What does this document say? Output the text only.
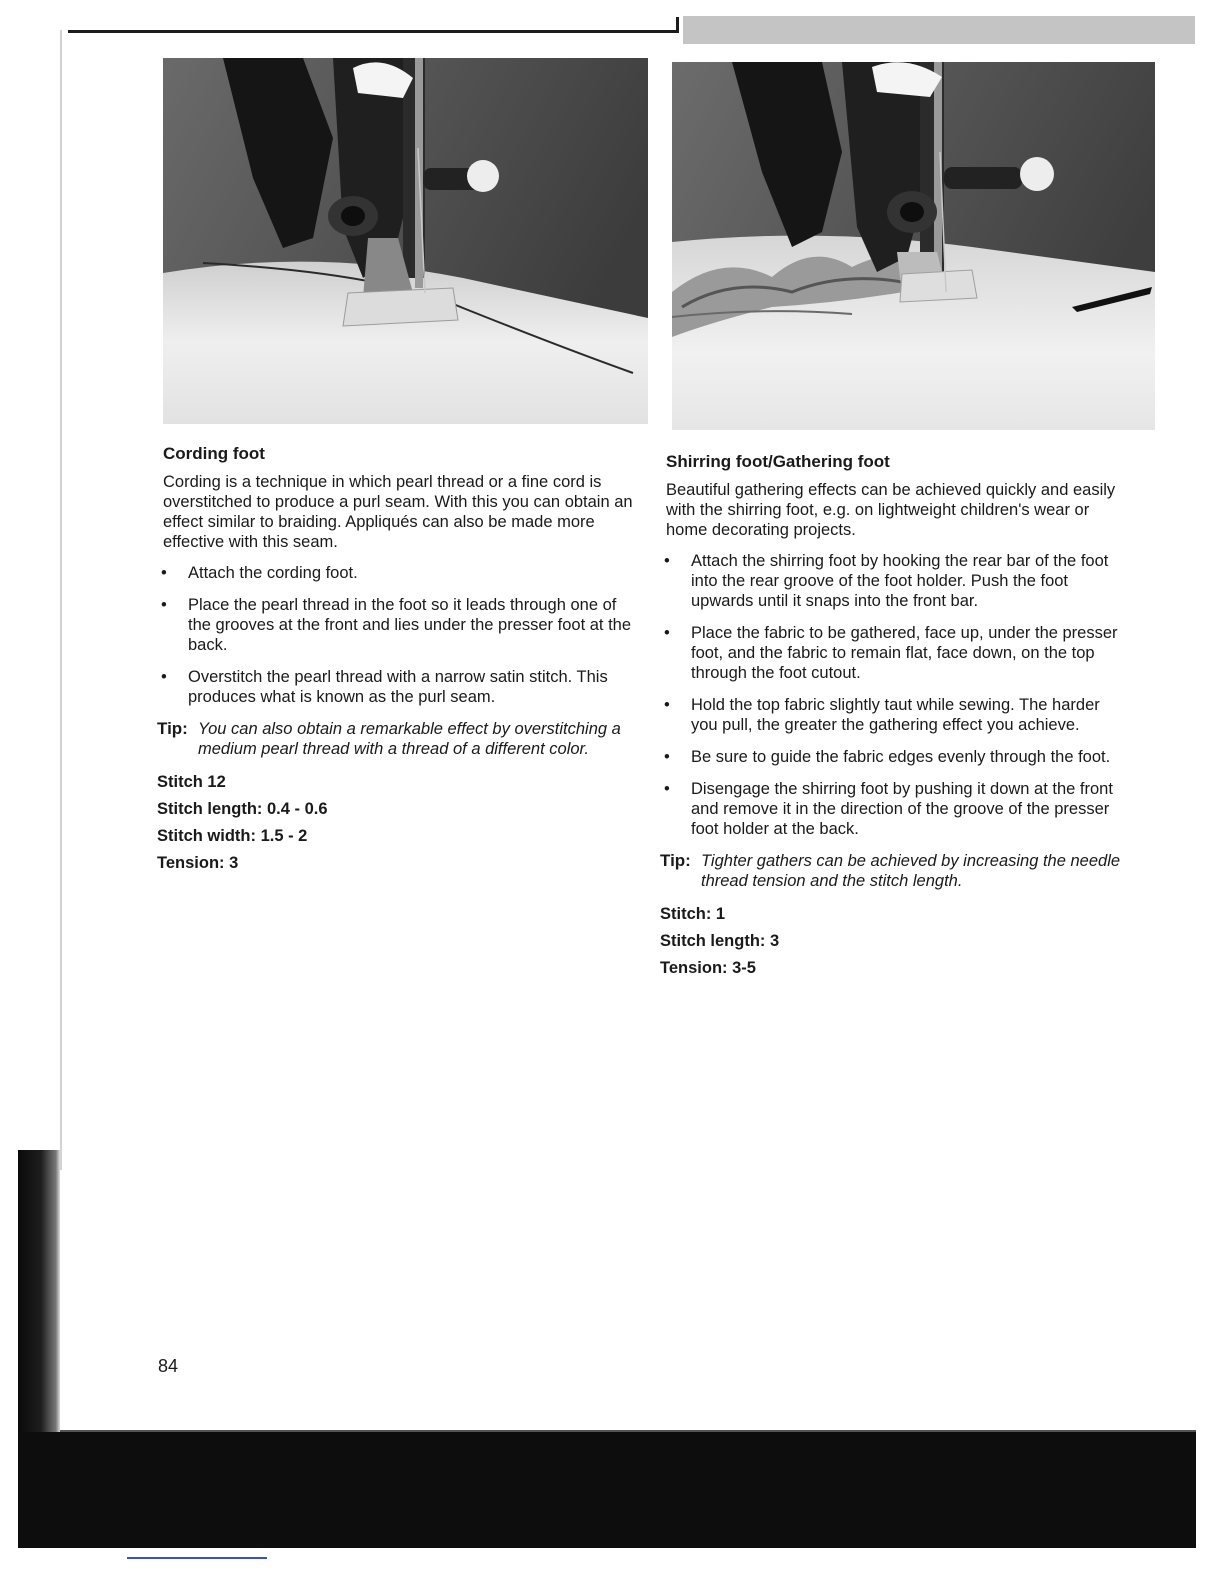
Cording foot
Cording is a technique in which pearl thread or a fine cord is overstitched to produce a purl seam. With this you can obtain an effect similar to braiding. Appliqués can also be made more effective with this seam.
• Attach the cording foot.
• Place the pearl thread in the foot so it leads through one of the grooves at the front and lies under the presser foot at the back.
• Overstitch the pearl thread with a narrow satin stitch. This produces what is known as the purl seam.
Tip: You can also obtain a remarkable effect by overstitching a medium pearl thread with a thread of a different color.
Stitch 12
Stitch length: 0.4 - 0.6
Stitch width: 1.5 - 2
Tension: 3
Shirring foot/Gathering foot
Beautiful gathering effects can be achieved quickly and easily with the shirring foot, e.g. on lightweight children's wear or home decorating projects.
• Attach the shirring foot by hooking the rear bar of the foot into the rear groove of the foot holder. Push the foot upwards until it snaps into the front bar.
• Place the fabric to be gathered, face up, under the presser foot, and the fabric to remain flat, face down, on the top through the foot cutout.
• Hold the top fabric slightly taut while sewing. The harder you pull, the greater the gathering effect you achieve.
• Be sure to guide the fabric edges evenly through the foot.
• Disengage the shirring foot by pushing it down at the front and remove it in the direction of the groove of the presser foot holder at the back.
Tip: Tighter gathers can be achieved by increasing the needle thread tension and the stitch length.
Stitch: 1
Stitch length: 3
Tension: 3-5
84
